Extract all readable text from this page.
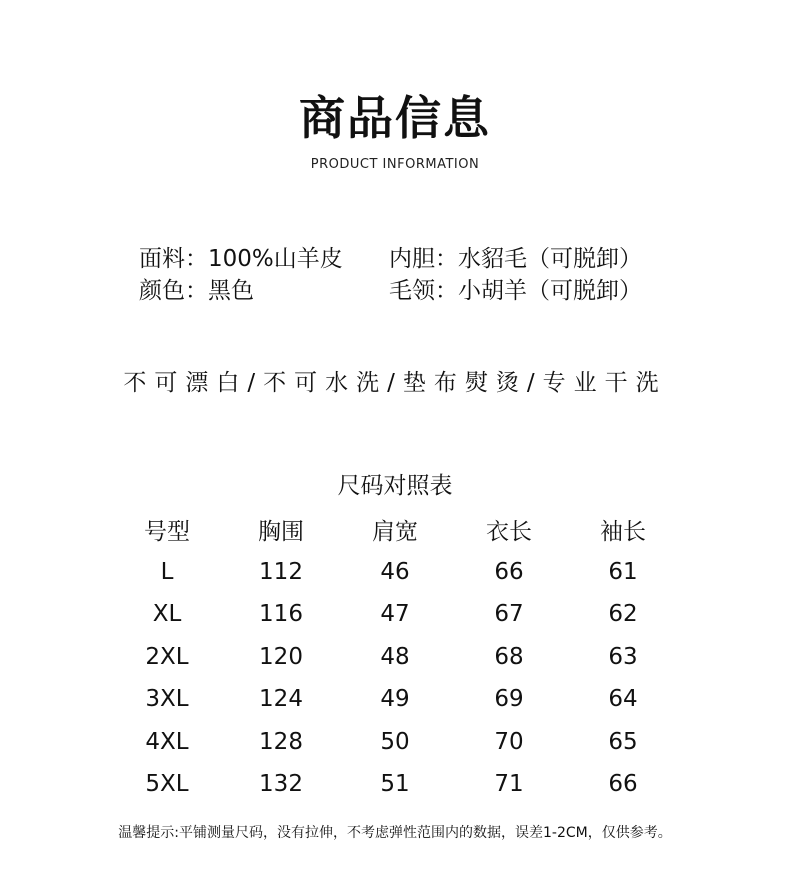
商品信息
PRODUCT INFORMATION
面料：100%山羊皮 内胆：水貂毛（可脱卸）
颜色：黑色	毛领：小胡羊（可脱卸）
不可漂白/不可水洗/垫布熨烫/专业干洗
尺码对照表
号型	胸围	肩宽	衣长	袖长
L	112	46	66	61
XL	116	47	67	62
2XL	120	48	68	63
3XL	124	49	69	64
4XL	128	50	70	65
5XL	132	51	71	66
温馨提示:平铺测量尺码，没有拉伸，不考虑弹性范围内的数据，误差1-2CM，仅供参考。
